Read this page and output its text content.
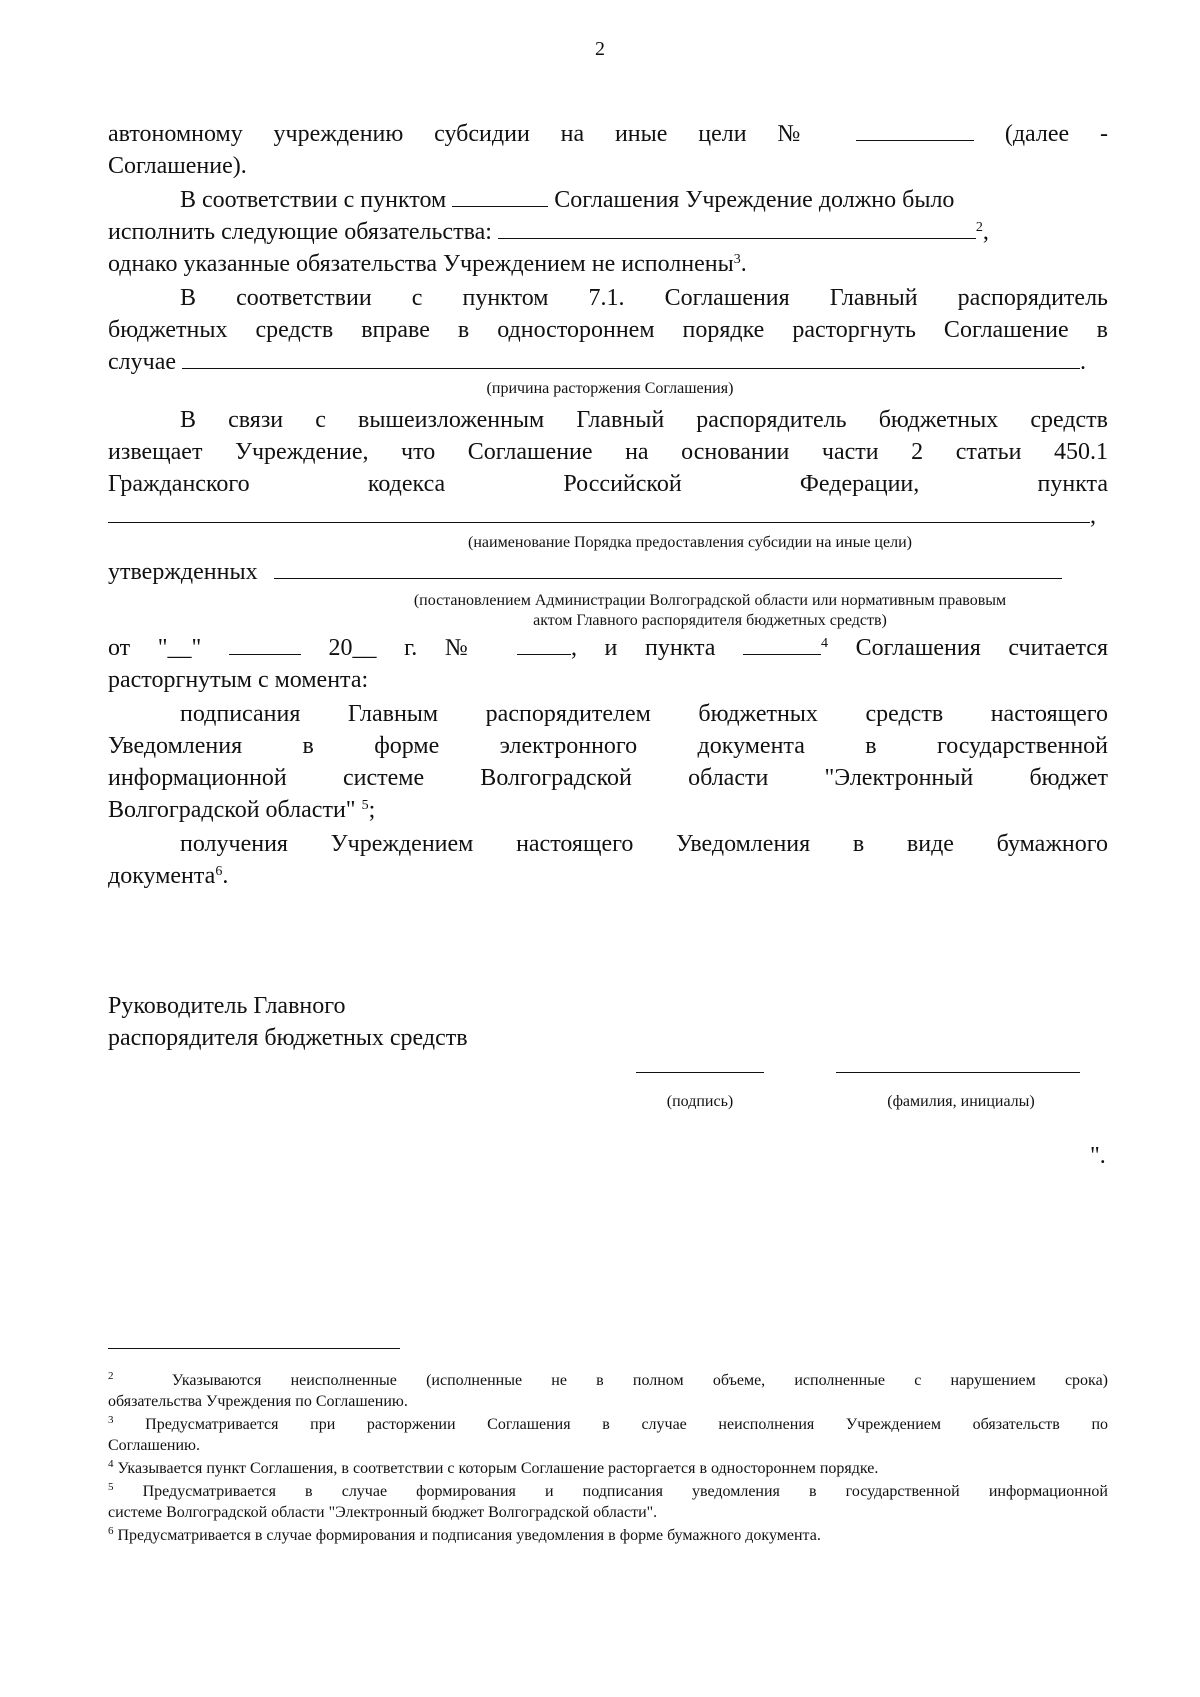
2
автономному учреждению субсидии на иные цели №	(далее -
Соглашение).
В соответствии с пунктом	Соглашения Учреждение должно было
исполнить следующие обязательства:	$^2$,
однако указанные обязательства Учреждением не исполнены$^3$.
В соответствии с пунктом 7.1. Соглашения Главный распорядитель
бюджетных средств вправе в одностороннем порядке расторгнуть Соглашение в
случае	.
(причина расторжения Соглашения)
В связи с вышеизложенным Главный распорядитель бюджетных средств
извещает Учреждение, что Соглашение на основании части 2 статьи 450.1
Гражданского кодекса Российской Федерации, пункта
,
(наименование Порядка предоставления субсидии на иные цели)
утвержденных
(постановлением Администрации Волгоградской области или нормативным правовым
актом Главного распорядителя бюджетных средств)
от "__"	20__ г. №	, и пункта	$^4$ Соглашения считается
расторгнутым с момента:
подписания Главным распорядителем бюджетных средств настоящего
Уведомления в форме электронного документа в государственной
информационной системе Волгоградской области "Электронный бюджет
Волгоградской области" $^5$;
получения Учреждением настоящего Уведомления в виде бумажного
документа$^6$.
Руководитель Главного
распорядителя бюджетных средств
(подпись)	(фамилия, инициалы)
".
$^2$	Указываются неисполненные (исполненные не в полном объеме, исполненные с нарушением срока)
обязательства Учреждения по Соглашению.
$^3$ Предусматривается при расторжении Соглашения в случае неисполнения Учреждением обязательств по
Соглашению.
$^4$ Указывается пункт Соглашения, в соответствии с которым Соглашение расторгается в одностороннем порядке.
$^5$ Предусматривается в случае формирования и подписания уведомления в государственной информационной
системе Волгоградской области "Электронный бюджет Волгоградской области".
$^6$ Предусматривается в случае формирования и подписания уведомления в форме бумажного документа.
